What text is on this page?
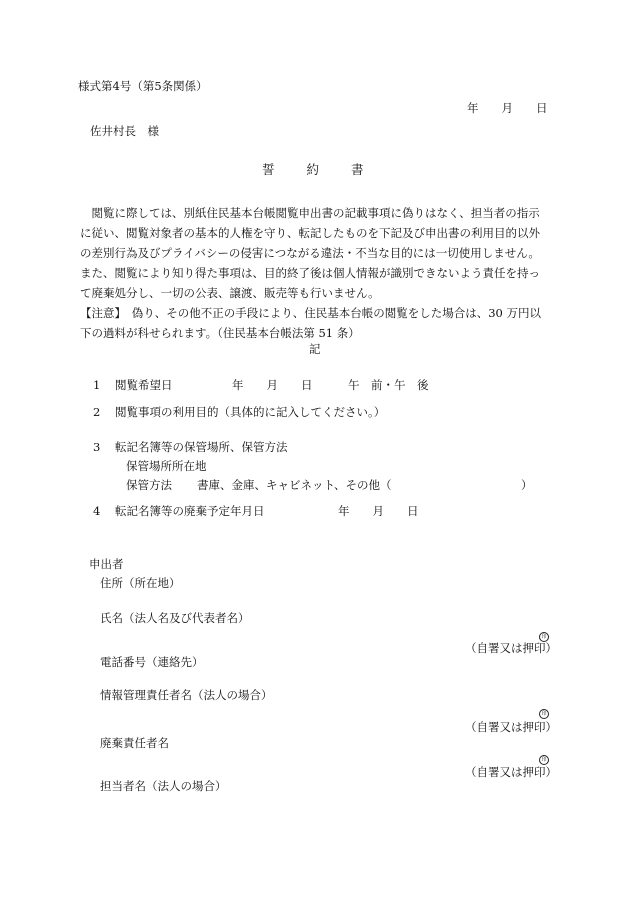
様式第4号（第5条関係）
年　　月　　日
佐井村長　様
誓	約	書

閲覧に際しては、別紙住民基本台帳閲覧申出書の記載事項に偽りはなく、担当者の指示に従い、閲覧対象者の基本的人権を守り、転記したものを下記及び申出書の利用目的以外の差別行為及びプライバシーの侵害につながる違法・不当な目的には一切使用しません。また、閲覧により知り得た事項は、目的終了後は個人情報が識別できないよう責任を持って廃棄処分し、一切の公表、譲渡、販売等も行いません。

【注意】　偽り、その他不正の手段により、住民基本台帳の閲覧をした場合は、30 万円以下の過料が科せられます。（住民基本台帳法第 51 条）

記
1 閲覧希望日	年　　月　　日	午　前・午　後
2 閲覧事項の利用目的（具体的に記入してください。）
3 転記名簿等の保管場所、保管方法
保管場所所在地
保管方法 書庫、金庫、キャビネット、その他（	）
4 転記名簿等の廃棄予定年月日	年　　月　　日
申出者
住所（所在地）
氏名（法人名及び代表者名）
印
（自署又は押印）
電話番号（連絡先）
情報管理責任者名（法人の場合）
印
（自署又は押印）
廃棄責任者名
印
（自署又は押印）
担当者名（法人の場合）
